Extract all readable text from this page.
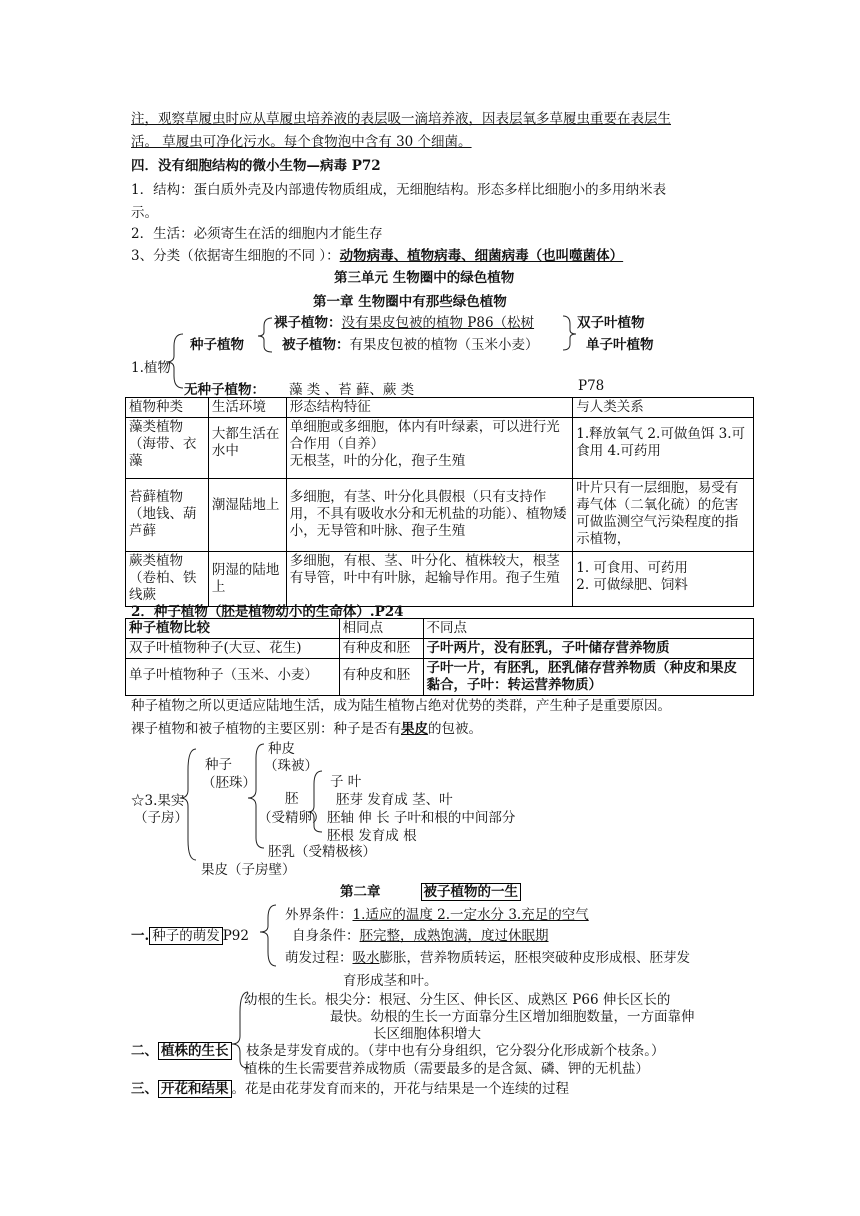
注，观察草履虫时应从草履虫培养液的表层吸一滴培养液，因表层氧多草履虫重要在表层生
活。 草履虫可净化污水。每个食物泡中含有 30 个细菌。
四．没有细胞结构的微小生物—病毒 P72
1．结构：蛋白质外壳及内部遗传物质组成，无细胞结构。形态多样比细胞小的多用纳米表
示。
2．生活：必须寄生在活的细胞内才能生存
3、分类（依据寄生细胞的不同 ）：动物病毒、植物病毒、细菌病毒（也叫噬菌体）
第三单元 生物圈中的绿色植物
第一章 生物圈中有那些绿色植物
种子植物
裸子植物：没有果皮包被的植物 P86（松树
被子植物：有果皮包被的植物（玉米小麦）
双子叶植物
单子叶植物
1.植物
无种子植物： 藻 类 、苔 藓、蕨 类	P78
植物种类	生活环境	形态结构特征	与人类关系
藻类植物（海带、衣藻	大都生活在水中	单细胞或多细胞，体内有叶绿素，可以进行光合作用（自养）
无根茎，叶的分化，孢子生殖	1.释放氧气 2.可做鱼饵 3.可食用 4.可药用
苔藓植物（地钱、葫芦藓	潮湿陆地上	多细胞，有茎、叶分化具假根（只有支持作用，不具有吸收水分和无机盐的功能）、植物矮小，无导管和叶脉、孢子生殖	叶片只有一层细胞，易受有毒气体（二氧化硫）的危害可做监测空气污染程度的指示植物，
蕨类植物（卷柏、铁线蕨	阴湿的陆地上	多细胞，有根、茎、叶分化、植株较大，根茎有导管，叶中有叶脉，起输导作用。孢子生殖	1. 可食用、可药用
2. 可做绿肥、饲料
2．种子植物（胚是植物幼小的生命体）.P24
种子植物比较	相同点	不同点
双子叶植物种子(大豆、花生)	有种皮和胚	子叶两片，没有胚乳，子叶储存营养物质
单子叶植物种子（玉米、小麦）	有种皮和胚	子叶一片，有胚乳，胚乳储存营养物质（种皮和果皮黏合，子叶：转运营养物质）
种子植物之所以更适应陆地生活，成为陆生植物占绝对优势的类群，产生种子是重要原因。
裸子植物和被子植物的主要区别：种子是否有果皮的包被。
☆3.果实
（子房）
种子
（胚珠）
种皮
（珠被）
胚
（受精卵）
子 叶
胚芽 发育成 茎、叶
胚轴 伸 长 子叶和根的中间部分
胚根 发育成 根
胚乳（受精极核）
果皮（子房壁）
第二章	被子植物的一生
外界条件：1.适应的温度 2.一定水分 3.充足的空气
一. 种子的萌发 P92	自身条件：胚完整，成熟饱满，度过休眠期
萌发过程：吸水膨胀，营养物质转运，胚根突破种皮形成根、胚芽发
育形成茎和叶。
幼根的生长。根尖分：根冠、分生区、伸长区、成熟区 P66 伸长区长的
最快。幼根的生长一方面靠分生区增加细胞数量，一方面靠伸
长区细胞体积增大
二、 植株的生长 枝条是芽发育成的。（芽中也有分身组织，它分裂分化形成新个枝条。）
植株的生长需要营养成物质（需要最多的是含氮、磷、钾的无机盐）
三、 开花和结果 。花是由花芽发育而来的，开花与结果是一个连续的过程
